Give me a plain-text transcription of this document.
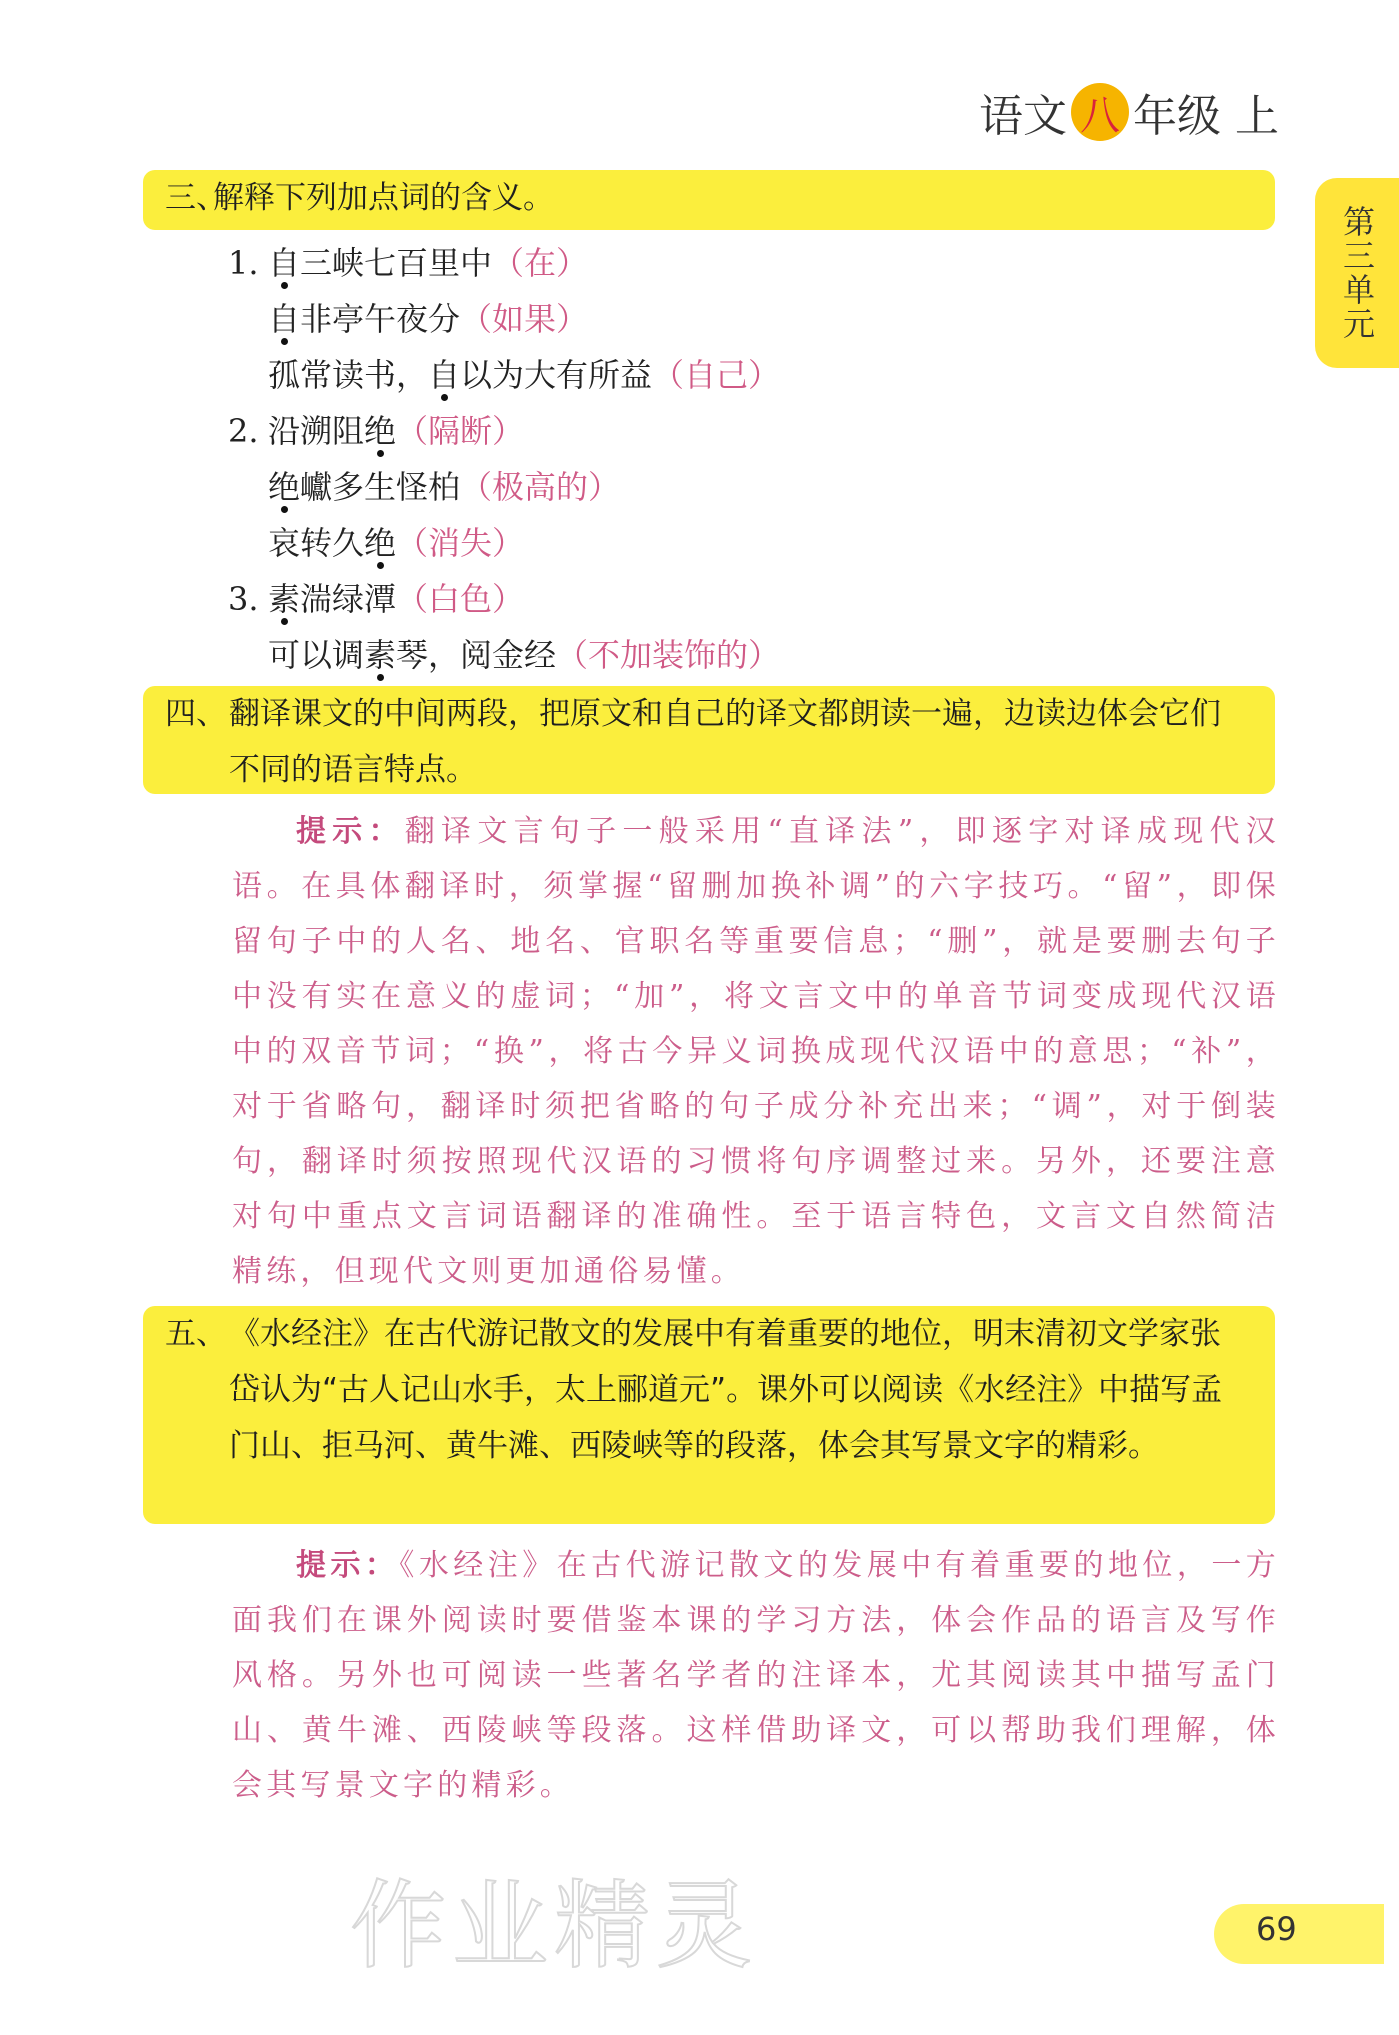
语文 八 年级 上
第三单元
三、
解释下列加点词的含义。
1. 自三峡七百里中（在）
自非亭午夜分（如果）
孤常读书，自以为大有所益（自己）
2. 沿溯阻绝（隔断）
绝巘多生怪柏（极高的）
哀转久绝（消失）
3. 素湍绿潭（白色）
可以调素琴，阅金经（不加装饰的）
四、 翻译课文的中间两段，把原文和自己的译文都朗读一遍，边读边体会它们不同的语言特点。

提示：翻译文言句子一般采用“直译法”，即逐字对译成现代汉语。在具体翻译时，须掌握“留删加换补调”的六字技巧。“留”，即保留句子中的人名、地名、官职名等重要信息；“删”，就是要删去句子中没有实在意义的虚词；“加”，将文言文中的单音节词变成现代汉语中的双音节词；“换”，将古今异义词换成现代汉语中的意思；“补”，对于省略句，翻译时须把省略的句子成分补充出来；“调”，对于倒装句，翻译时须按照现代汉语的习惯将句序调整过来。另外，还要注意对句中重点文言词语翻译的准确性。至于语言特色，文言文自然简洁精练，但现代文则更加通俗易懂。

五、 《水经注》在古代游记散文的发展中有着重要的地位，明末清初文学家张岱认为“古人记山水手，太上郦道元”。课外可以阅读《水经注》中描写孟门山、拒马河、黄牛滩、西陵峡等的段落，体会其写景文字的精彩。

提示：《水经注》在古代游记散文的发展中有着重要的地位，一方面我们在课外阅读时要借鉴本课的学习方法，体会作品的语言及写作风格。另外也可阅读一些著名学者的注译本，尤其阅读其中描写孟门山、黄牛滩、西陵峡等段落。这样借助译文，可以帮助我们理解，体会其写景文字的精彩。

作业精灵	69
